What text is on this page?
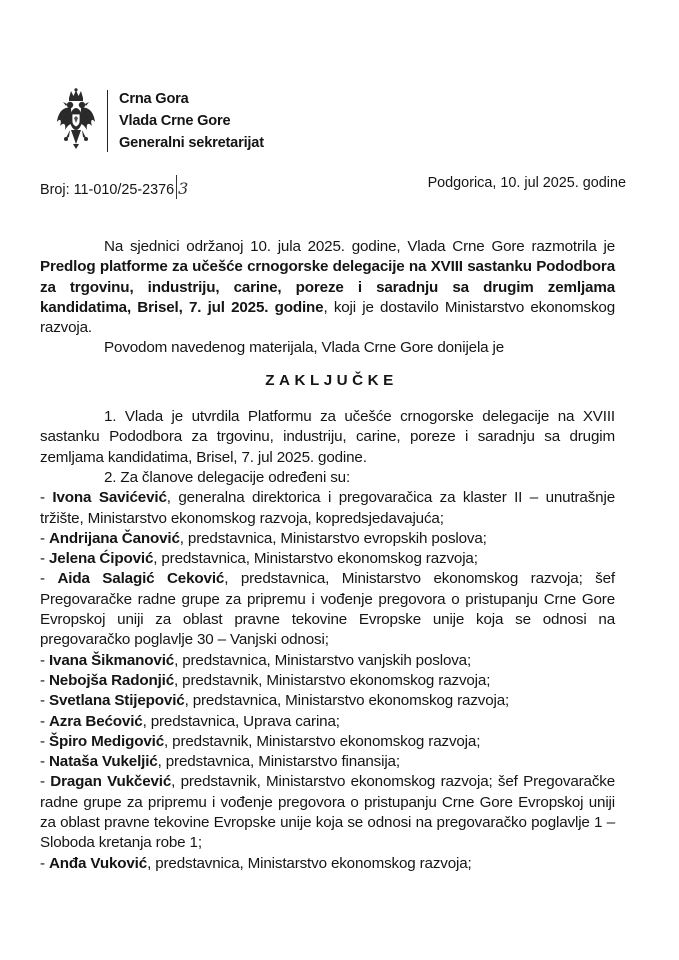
Crna Gora
Vlada Crne Gore
Generalni sekretarijat
Broj: 11-010/25-2376 3	Podgorica, 10. jul 2025. godine

Na sjednici održanoj 10. jula 2025. godine, Vlada Crne Gore razmotrila je Predlog platforme za učešće crnogorske delegacije na XVIII sastanku Pododbora za trgovinu, industriju, carine, poreze i saradnju sa drugim zemljama kandidatima, Brisel, 7. jul 2025. godine, koji je dostavilo Ministarstvo ekonomskog razvoja.

Povodom navedenog materijala, Vlada Crne Gore donijela je

ZAKLJUČKE

1. Vlada je utvrdila Platformu za učešće crnogorske delegacije na XVIII sastanku Pododbora za trgovinu, industriju, carine, poreze i saradnju sa drugim zemljama kandidatima, Brisel, 7. jul 2025. godine.

2. Za članove delegacije određeni su:

- Ivona Savićević, generalna direktorica i pregovaračica za klaster II – unutrašnje tržište, Ministarstvo ekonomskog razvoja, kopredsjedavajuća;

- Andrijana Čanović, predstavnica, Ministarstvo evropskih poslova;

- Jelena Ćipović, predstavnica, Ministarstvo ekonomskog razvoja;

- Aida Salagić Ceković, predstavnica, Ministarstvo ekonomskog razvoja; šef Pregovaračke radne grupe za pripremu i vođenje pregovora o pristupanju Crne Gore Evropskoj uniji za oblast pravne tekovine Evropske unije koja se odnosi na pregovaračko poglavlje 30 – Vanjski odnosi;

- Ivana Šikmanović, predstavnica, Ministarstvo vanjskih poslova;

- Nebojša Radonjić, predstavnik, Ministarstvo ekonomskog razvoja;

- Svetlana Stijepović, predstavnica, Ministarstvo ekonomskog razvoja;

- Azra Bećović, predstavnica, Uprava carina;

- Špiro Medigović, predstavnik, Ministarstvo ekonomskog razvoja;

- Nataša Vukeljić, predstavnica, Ministarstvo finansija;

- Dragan Vukčević, predstavnik, Ministarstvo ekonomskog razvoja; šef Pregovaračke radne grupe za pripremu i vođenje pregovora o pristupanju Crne Gore Evropskoj uniji za oblast pravne tekovine Evropske unije koja se odnosi na pregovaračko poglavlje 1 – Sloboda kretanja robe 1;

- Anđa Vuković, predstavnica, Ministarstvo ekonomskog razvoja;
